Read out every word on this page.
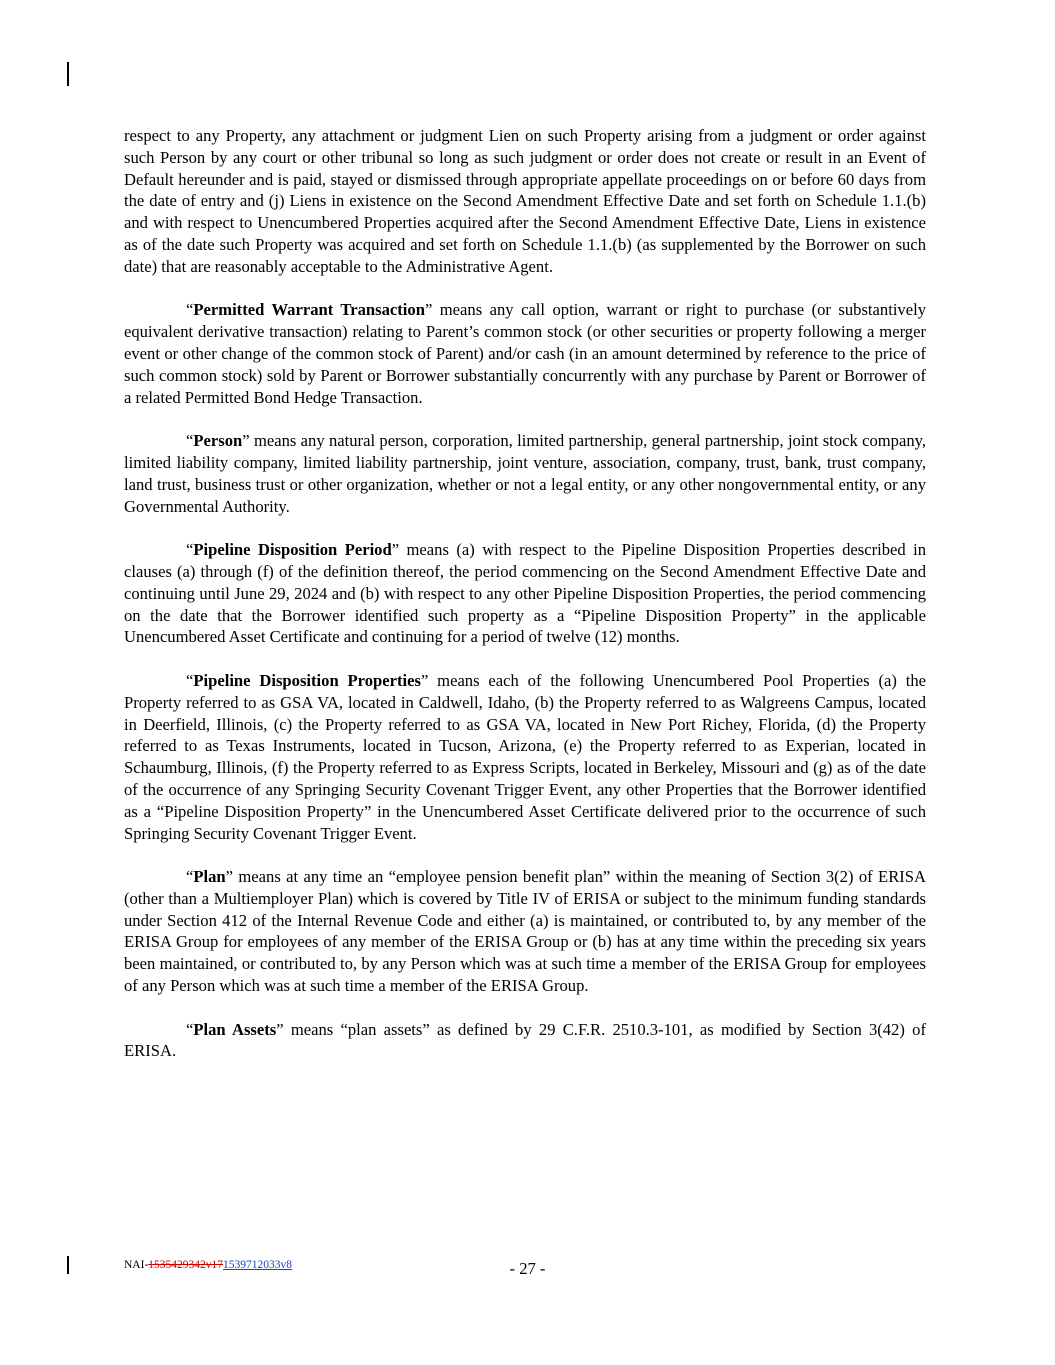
respect to any Property, any attachment or judgment Lien on such Property arising from a judgment or order against such Person by any court or other tribunal so long as such judgment or order does not create or result in an Event of Default hereunder and is paid, stayed or dismissed through appropriate appellate proceedings on or before 60 days from the date of entry and (j) Liens in existence on the Second Amendment Effective Date and set forth on Schedule 1.1.(b) and with respect to Unencumbered Properties acquired after the Second Amendment Effective Date, Liens in existence as of the date such Property was acquired and set forth on Schedule 1.1.(b) (as supplemented by the Borrower on such date) that are reasonably acceptable to the Administrative Agent.

“Permitted Warrant Transaction” means any call option, warrant or right to purchase (or substantively equivalent derivative transaction) relating to Parent’s common stock (or other securities or property following a merger event or other change of the common stock of Parent) and/or cash (in an amount determined by reference to the price of such common stock) sold by Parent or Borrower substantially concurrently with any purchase by Parent or Borrower of a related Permitted Bond Hedge Transaction.

“Person” means any natural person, corporation, limited partnership, general partnership, joint stock company, limited liability company, limited liability partnership, joint venture, association, company, trust, bank, trust company, land trust, business trust or other organization, whether or not a legal entity, or any other nongovernmental entity, or any Governmental Authority.

“Pipeline Disposition Period” means (a) with respect to the Pipeline Disposition Properties described in clauses (a) through (f) of the definition thereof, the period commencing on the Second Amendment Effective Date and continuing until June 29, 2024 and (b) with respect to any other Pipeline Disposition Properties, the period commencing on the date that the Borrower identified such property as a “Pipeline Disposition Property” in the applicable Unencumbered Asset Certificate and continuing for a period of twelve (12) months.

“Pipeline Disposition Properties” means each of the following Unencumbered Pool Properties (a) the Property referred to as GSA VA, located in Caldwell, Idaho, (b) the Property referred to as Walgreens Campus, located in Deerfield, Illinois, (c) the Property referred to as GSA VA, located in New Port Richey, Florida, (d) the Property referred to as Texas Instruments, located in Tucson, Arizona, (e) the Property referred to as Experian, located in Schaumburg, Illinois, (f) the Property referred to as Express Scripts, located in Berkeley, Missouri and (g) as of the date of the occurrence of any Springing Security Covenant Trigger Event, any other Properties that the Borrower identified as a “Pipeline Disposition Property” in the Unencumbered Asset Certificate delivered prior to the occurrence of such Springing Security Covenant Trigger Event.

“Plan” means at any time an “employee pension benefit plan” within the meaning of Section 3(2) of ERISA (other than a Multiemployer Plan) which is covered by Title IV of ERISA or subject to the minimum funding standards under Section 412 of the Internal Revenue Code and either (a) is maintained, or contributed to, by any member of the ERISA Group for employees of any member of the ERISA Group or (b) has at any time within the preceding six years been maintained, or contributed to, by any Person which was at such time a member of the ERISA Group for employees of any Person which was at such time a member of the ERISA Group.

“Plan Assets” means “plan assets” as defined by 29 C.F.R. 2510.3-101, as modified by Section 3(42) of ERISA.

NAI-1535429342v171539712033v8	- 27 -
